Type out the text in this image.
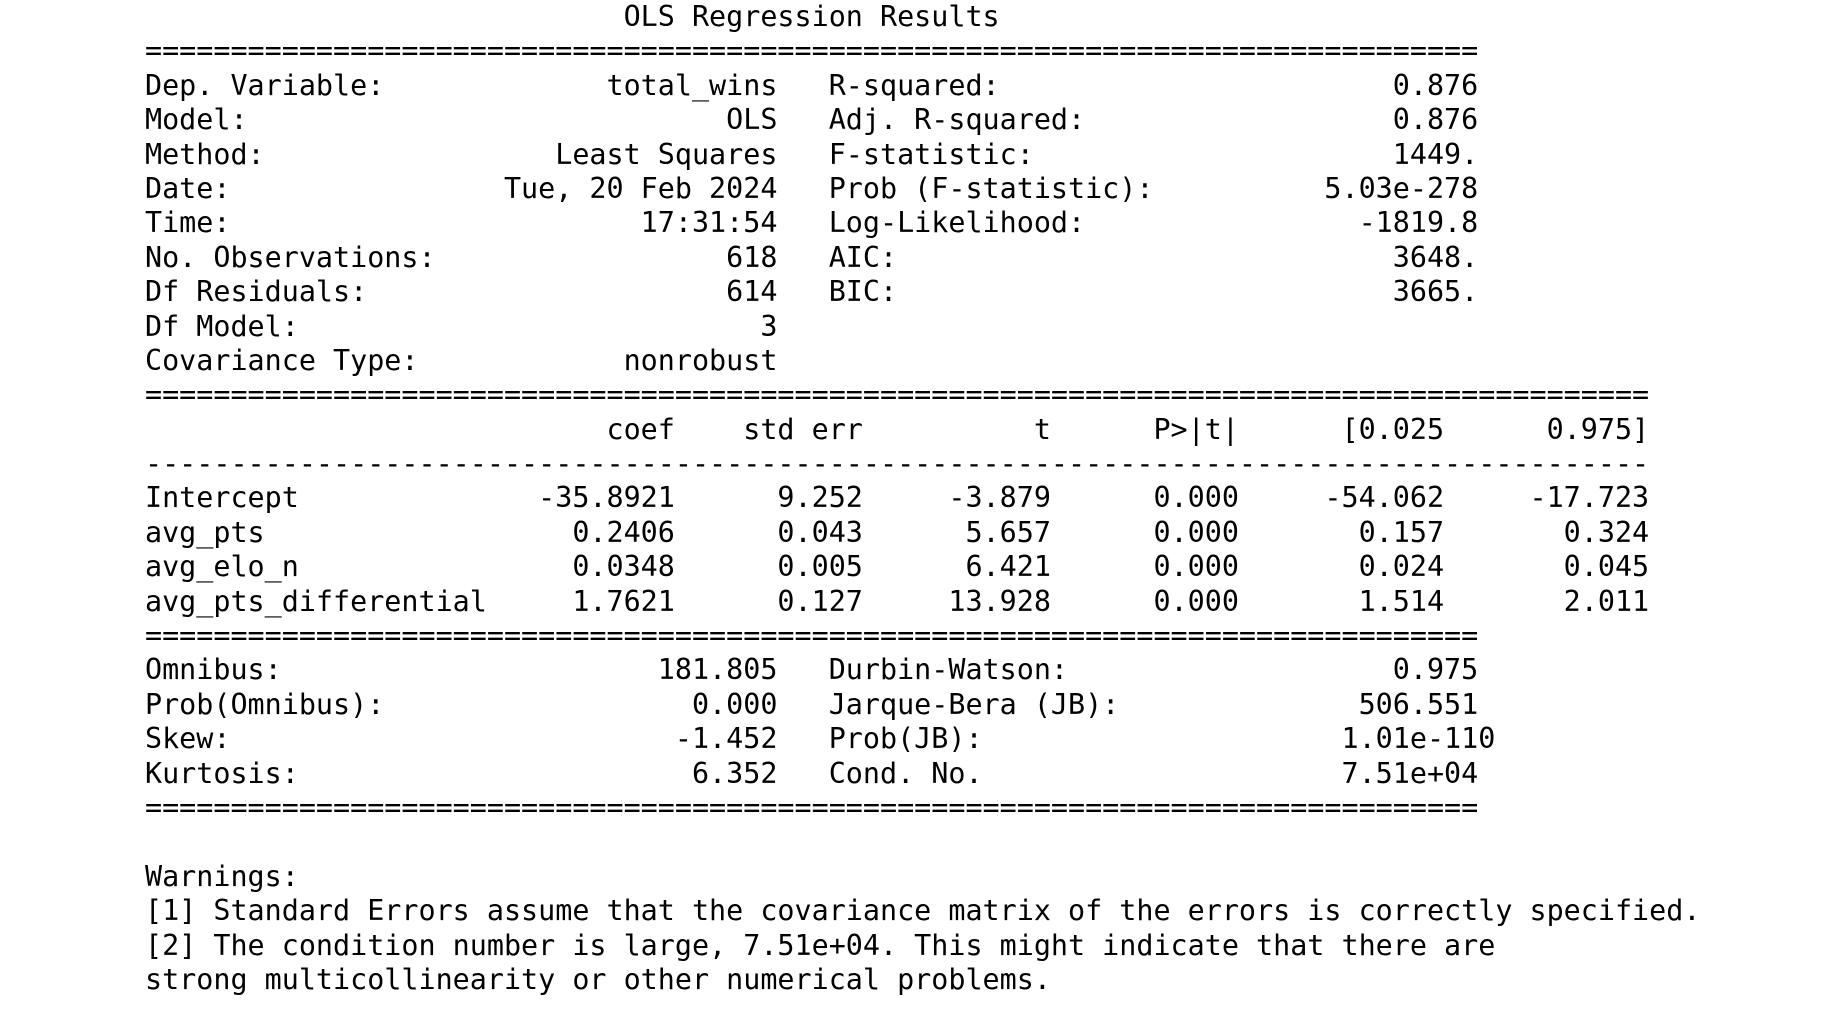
OLS Regression Results
==============================================================================
Dep. Variable:             total_wins   R-squared:                       0.876
Model:                            OLS   Adj. R-squared:                  0.876
Method:                 Least Squares   F-statistic:                     1449.
Date:                Tue, 20 Feb 2024   Prob (F-statistic):          5.03e-278
Time:                        17:31:54   Log-Likelihood:                -1819.8
No. Observations:                 618   AIC:                             3648.
Df Residuals:                     614   BIC:                             3665.
Df Model:                           3
Covariance Type:            nonrobust
========================================================================================
coef    std err          t      P>|t|      [0.025      0.975]
----------------------------------------------------------------------------------------
Intercept              -35.8921      9.252     -3.879      0.000     -54.062     -17.723
avg_pts                  0.2406      0.043      5.657      0.000       0.157       0.324
avg_elo_n                0.0348      0.005      6.421      0.000       0.024       0.045
avg_pts_differential     1.7621      0.127     13.928      0.000       1.514       2.011
==============================================================================
Omnibus:                      181.805   Durbin-Watson:                   0.975
Prob(Omnibus):                  0.000   Jarque-Bera (JB):              506.551
Skew:                          -1.452   Prob(JB):                     1.01e-110
Kurtosis:                       6.352   Cond. No.                     7.51e+04
==============================================================================
Warnings:
[1] Standard Errors assume that the covariance matrix of the errors is correctly specified.
[2] The condition number is large, 7.51e+04. This might indicate that there are
strong multicollinearity or other numerical problems.
